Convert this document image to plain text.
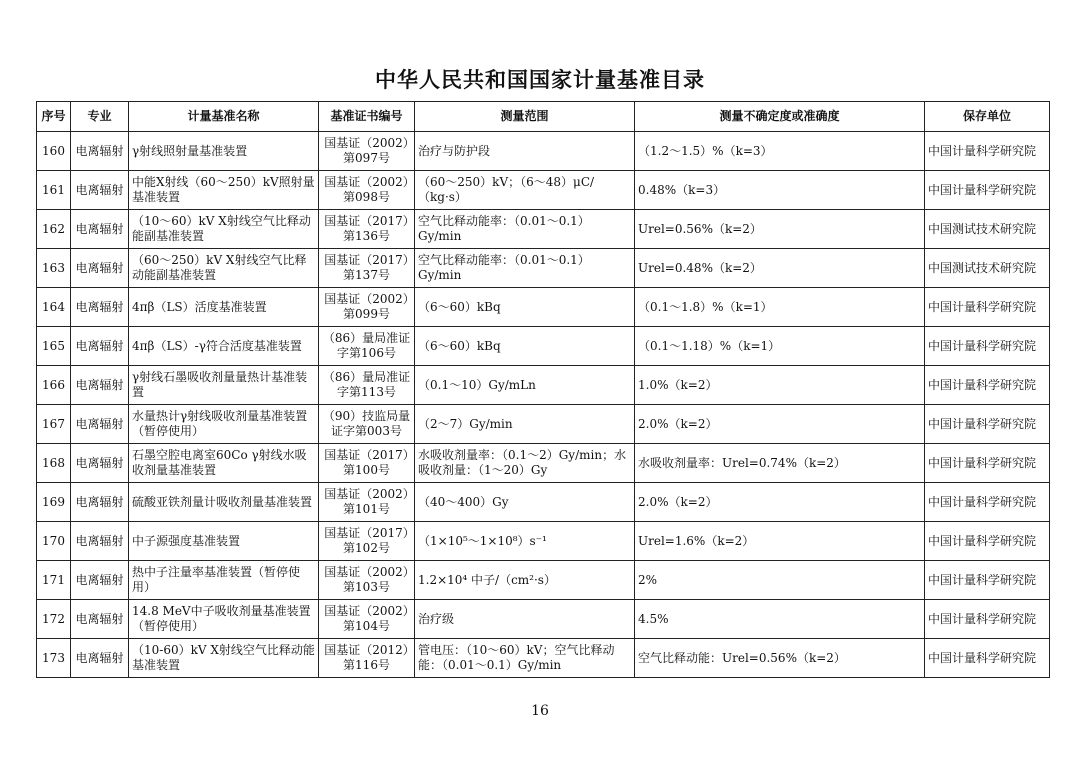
中华人民共和国国家计量基准目录
序号	专业	计量基准名称	基准证书编号	测量范围	测量不确定度或准确度	保存单位
160	电离辐射	γ射线照射量基准装置	国基证（2002）第097号	治疗与防护段	（1.2～1.5）%（k=3）	中国计量科学研究院
161	电离辐射	中能X射线（60～250）kV照射量基准装置	国基证（2002）第098号	（60～250）kV；（6～48）μC/（kg·s）	0.48%（k=3）	中国计量科学研究院
162	电离辐射	（10～60）kV X射线空气比释动能副基准装置	国基证（2017）第136号	空气比释动能率：（0.01～0.1）Gy/min	Urel=0.56%（k=2）	中国测试技术研究院
163	电离辐射	（60～250）kV X射线空气比释动能副基准装置	国基证（2017）第137号	空气比释动能率：（0.01～0.1）Gy/min	Urel=0.48%（k=2）	中国测试技术研究院
164	电离辐射	4πβ（LS）活度基准装置	国基证（2002）第099号	（6～60）kBq	（0.1～1.8）%（k=1）	中国计量科学研究院
165	电离辐射	4πβ（LS）-γ符合活度基准装置	（86）量局准证字第106号	（6～60）kBq	（0.1～1.18）%（k=1）	中国计量科学研究院
166	电离辐射	γ射线石墨吸收剂量量热计基准装置	（86）量局准证字第113号	（0.1～10）Gy/mLn	1.0%（k=2）	中国计量科学研究院
167	电离辐射	水量热计γ射线吸收剂量基准装置（暂停使用）	（90）技监局量证字第003号	（2～7）Gy/min	2.0%（k=2）	中国计量科学研究院
168	电离辐射	石墨空腔电离室60Co γ射线水吸收剂量基准装置	国基证（2017）第100号	水吸收剂量率：（0.1～2）Gy/min；水吸收剂量：（1～20）Gy	水吸收剂量率：Urel=0.74%（k=2）	中国计量科学研究院
169	电离辐射	硫酸亚铁剂量计吸收剂量基准装置	国基证（2002）第101号	（40～400）Gy	2.0%（k=2）	中国计量科学研究院
170	电离辐射	中子源强度基准装置	国基证（2017）第102号	（1×10⁵～1×10⁸）s⁻¹	Urel=1.6%（k=2）	中国计量科学研究院
171	电离辐射	热中子注量率基准装置（暂停使用）	国基证（2002）第103号	1.2×10⁴ 中子/（cm²·s）	2%	中国计量科学研究院
172	电离辐射	14.8 MeV中子吸收剂量基准装置（暂停使用）	国基证（2002）第104号	治疗级	4.5%	中国计量科学研究院
173	电离辐射	（10-60）kV X射线空气比释动能基准装置	国基证（2012）第116号	管电压：（10～60）kV；空气比释动能：（0.01～0.1）Gy/min	空气比释动能：Urel=0.56%（k=2）	中国计量科学研究院
16
